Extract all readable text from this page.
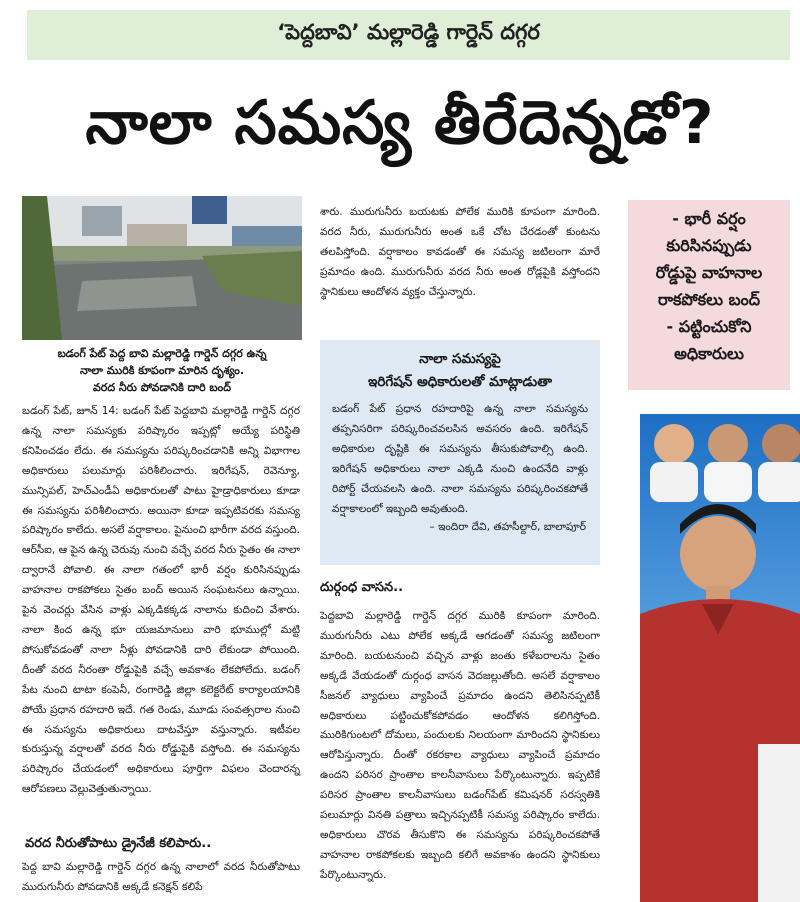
‘పెద్దబావి’ మల్లారెడ్డి గార్డెన్ దగ్గర
నాలా సమస్య తీరేదెన్నడో?
బడంగ్ పేట్ పెద్ద బావి మల్లారెడ్డి గార్డెన్ దగ్గర ఉన్న
నాలా మురికి కూపంగా మారిన దృశ్యం.
వరద నీరు పోవడానికి దారి బంద్

బడంగ్ పేట్, జూన్ 14: బడంగ్ పేట్ పెద్దబావి మల్లారెడ్డి గార్డెన్ దగ్గర ఉన్న నాలా సమస్యకు పరిష్కారం ఇప్పట్లో అయ్యే పరిస్థితి కనిపించడం లేదు. ఈ సమస్యను పరిష్కరించడానికి అన్ని విభాగాల అధికారులు పలుమార్లు పరిశీలించారు. ఇరిగేషన్, రెవెన్యూ, మున్సిపల్, హెచ్ఎండీఏ అధికారులతో పాటు హైడ్రాధికారులు కూడా ఈ సమస్యను పరిశీలించారు. అయినా కూడా ఇప్పటివరకు సమస్య పరిష్కారం కాలేదు. అసలే వర్షాకాలం. పైనుంచి భారీగా వరద వస్తుంది. ఆర్‌సీఐ, ఆ పైన ఉన్న చెరువు నుంచి వచ్చే వరద నీరు సైతం ఈ నాలా ద్వారానే పోవాలి. ఈ నాలా గతంలో భారీ వర్షం కురిసినప్పుడు వాహనాల రాకపోకలు సైతం బంద్ అయిన సంఘటనలు ఉన్నాయి. పైన వెంచర్లు వేసిన వాళ్లు ఎక్కడికక్కడ నాలాను కుదించి వేశారు. నాలా కింద ఉన్న భూ యజమానులు వారి భూముల్లో మట్టి పోసుకోవడంతో నాలా నీళ్లు పోవడానికి దారి లేకుండా పోయింది. దీంతో వరద నీరంతా రోడ్డుపైకి వచ్చే అవకాశం లేకపోలేదు. బడంగ్ పేట నుంచి టాటా కంపెనీ, రంగారెడ్డి జిల్లా కలెక్టరేట్ కార్యాలయానికి పోయే ప్రధాన రహదారి ఇదే. గత రెండు, మూడు సంవత్సరాల నుంచి ఈ సమస్యను అధికారులు దాటవేస్తూ వస్తున్నారు. ఇటీవల కురుస్తున్న వర్షాలతో వరద నీరు రోడ్డుపైకి వస్తోంది. ఈ సమస్యను పరిష్కారం చేయడంలో అధికారులు పూర్తిగా విఫలం చెందారన్న ఆరోపణలు వెల్లువెత్తుతున్నాయి.

వరద నీరుతోపాటు డ్రైనేజీ కలిపారు..

పెద్ద బావి మల్లారెడ్డి గార్డెన్ దగ్గర ఉన్న నాలాలో వరద నీరుతోపాటు మురుగునీరు పోవడానికి అక్కడే కనెక్షన్ కలిపే

శారు. మురుగునీరు బయటకు పోలేక మురికి కూపంగా మారింది. వరద నీరు, మురుగునీరు అంత ఒకే చోట చేరడంతో కుంటను తలపిస్తోంది. వర్షాకాలం కావడంతో ఈ సమస్య జటిలంగా మారే ప్రమాదం ఉంది. మురుగునీరు వరద నీరు అంత రోడ్లపైకి వస్తోందని స్థానికులు ఆందోళన వ్యక్తం చేస్తున్నారు.

నాలా సమస్యపై
ఇరిగేషన్ అధికారులతో మాట్లాడుతా
బడంగ్ పేట్ ప్రధాన రహదారిపై ఉన్న నాలా సమస్యను తప్పనిసరిగా పరిష్కరించవలసిన అవసరం ఉంది. ఇరిగేషన్ అధికారుల దృష్టికి ఈ సమస్యను తీసుకుపోవాల్సి ఉంది. ఇరిగేషన్ అధికారులు నాలా ఎక్కడి నుంచి ఉందనేది వాళ్లు రిపోర్ట్ చేయవలసి ఉంది. నాలా సమస్యను పరిష్కరించకపోతే వర్షాకాలంలో ఇబ్బంది అవుతుంది.
– ఇందిరా దేవి, తహసీల్దార్, బాలాపూర్
దుర్గంధ వాసన..

పెద్దబావి మల్లారెడ్డి గార్డెన్ దగ్గర మురికి కూపంగా మారింది. మురుగునీరు ఎటు పోలేక అక్కడే ఆగడంతో సమస్య జటిలంగా మారింది. బయటనుంచి వచ్చిన వాళ్లు జంతు కళేబరాలను సైతం అక్కడే వేయడంతో దుర్గంధ వాసన వెదజల్లుతోంది. అసలే వర్షాకాలం సీజనల్ వ్యాధులు వ్యాపించే ప్రమాదం ఉందని తెలిసినప్పటికీ అధికారులు పట్టించుకోకపోవడం ఆందోళన కలిగిస్తోంది. మురికిగుంటలో దోమలు, పందులకు నిలయంగా మారిందని స్థానికులు ఆరోపిస్తున్నారు. దీంతో రకరకాల వ్యాధులు వ్యాపించే ప్రమాదం ఉందని పరిసర ప్రాంతాల కాలనీవాసులు పేర్కొంటున్నారు. ఇప్పటికే పరిసర ప్రాంతాల కాలనీవాసులు బడంగ్‌పేట్ కమిషనర్ సరస్వతికి పలుమార్లు వినతి పత్రాలు ఇచ్చినప్పటికీ సమస్య పరిష్కారం కాలేదు. అధికారులు చొరవ తీసుకొని ఈ సమస్యను పరిష్కరించకపోతే వాహనాల రాకపోకలకు ఇబ్బంది కలిగే అవకాశం ఉందని స్థానికులు పేర్కొంటున్నారు.

- భారీ వర్షం
కురిసినప్పుడు
రోడ్డుపై వాహనాల
రాకపోకలు బంద్
- పట్టించుకోని
అధికారులు
